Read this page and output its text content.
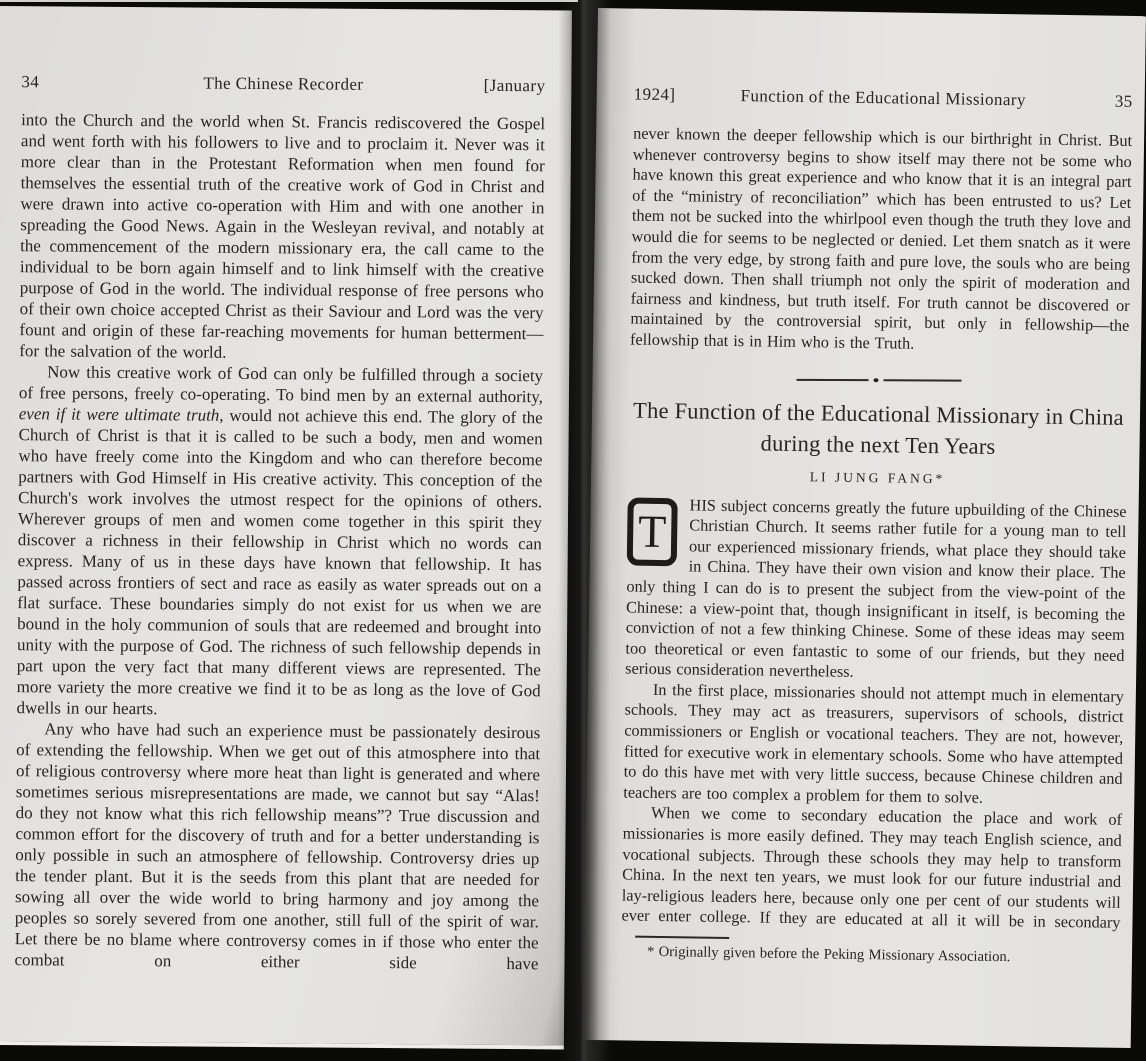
34	The Chinese Recorder	[January

into the Church and the world when St. Francis rediscovered the Gospel and went forth with his followers to live and to proclaim it. Never was it more clear than in the Protestant Reformation when men found for themselves the essential truth of the creative work of God in Christ and were drawn into active co-operation with Him and with one another in spreading the Good News. Again in the Wesleyan revival, and notably at the commencement of the modern missionary era, the call came to the individual to be born again himself and to link himself with the creative purpose of God in the world. The individual response of free persons who of their own choice accepted Christ as their Saviour and Lord was the very fount and origin of these far-reaching movements for human betterment—for the salvation of the world.

Now this creative work of God can only be fulfilled through a society of free persons, freely co-operating. To bind men by an external authority, even if it were ultimate truth, would not achieve this end. The glory of the Church of Christ is that it is called to be such a body, men and women who have freely come into the Kingdom and who can therefore become partners with God Himself in His creative activity. This conception of the Church's work involves the utmost respect for the opinions of others. Wherever groups of men and women come together in this spirit they discover a richness in their fellowship in Christ which no words can express. Many of us in these days have known that fellowship. It has passed across frontiers of sect and race as easily as water spreads out on a flat surface. These boundaries simply do not exist for us when we are bound in the holy communion of souls that are redeemed and brought into unity with the purpose of God. The richness of such fellowship depends in part upon the very fact that many different views are represented. The more variety the more creative we find it to be as long as the love of God dwells in our hearts.

Any who have had such an experience must be passionately desirous of extending the fellowship. When we get out of this atmosphere into that of religious controversy where more heat than light is generated and where sometimes serious misrepresentations are made, we cannot but say “Alas! do they not know what this rich fellowship means”? True discussion and common effort for the discovery of truth and for a better understanding is only possible in such an atmosphere of fellowship. Controversy dries up the tender plant. But it is the seeds from this plant that are needed for sowing all over the wide world to bring harmony and joy among the peoples so sorely severed from one another, still full of the spirit of war. Let there be no blame where controversy comes in if those who enter the combat on either side have

1924]	Function of the Educational Missionary	35

never known the deeper fellowship which is our birthright in Christ. But whenever controversy begins to show itself may there not be some who have known this great experience and who know that it is an integral part of the “ministry of reconciliation” which has been entrusted to us? Let them not be sucked into the whirlpool even though the truth they love and would die for seems to be neglected or denied. Let them snatch as it were from the very edge, by strong faith and pure love, the souls who are being sucked down. Then shall triumph not only the spirit of moderation and fairness and kindness, but truth itself. For truth cannot be discovered or maintained by the controversial spirit, but only in fellowship—the fellowship that is in Him who is the Truth.

The Function of the Educational Missionary in China
during the next Ten Years
LI JUNG FANG*

T HIS subject concerns greatly the future upbuilding of the Chinese Christian Church. It seems rather futile for a young man to tell our experienced missionary friends, what place they should take in China. They have their own vision and know their place. The only thing I can do is to present the subject from the view-point of the Chinese: a view-point that, though insignificant in itself, is becoming the conviction of not a few thinking Chinese. Some of these ideas may seem too theoretical or even fantastic to some of our friends, but they need serious consideration nevertheless.

In the first place, missionaries should not attempt much in elementary schools. They may act as treasurers, supervisors of schools, district commissioners or English or vocational teachers. They are not, however, fitted for executive work in elementary schools. Some who have attempted to do this have met with very little success, because Chinese children and teachers are too complex a problem for them to solve.

When we come to secondary education the place and work of missionaries is more easily defined. They may teach English science, and vocational subjects. Through these schools they may help to transform China. In the next ten years, we must look for our future industrial and lay-religious leaders here, because only one per cent of our students will ever enter college. If they are educated at all it will be in secondary

* Originally given before the Peking Missionary Association.
